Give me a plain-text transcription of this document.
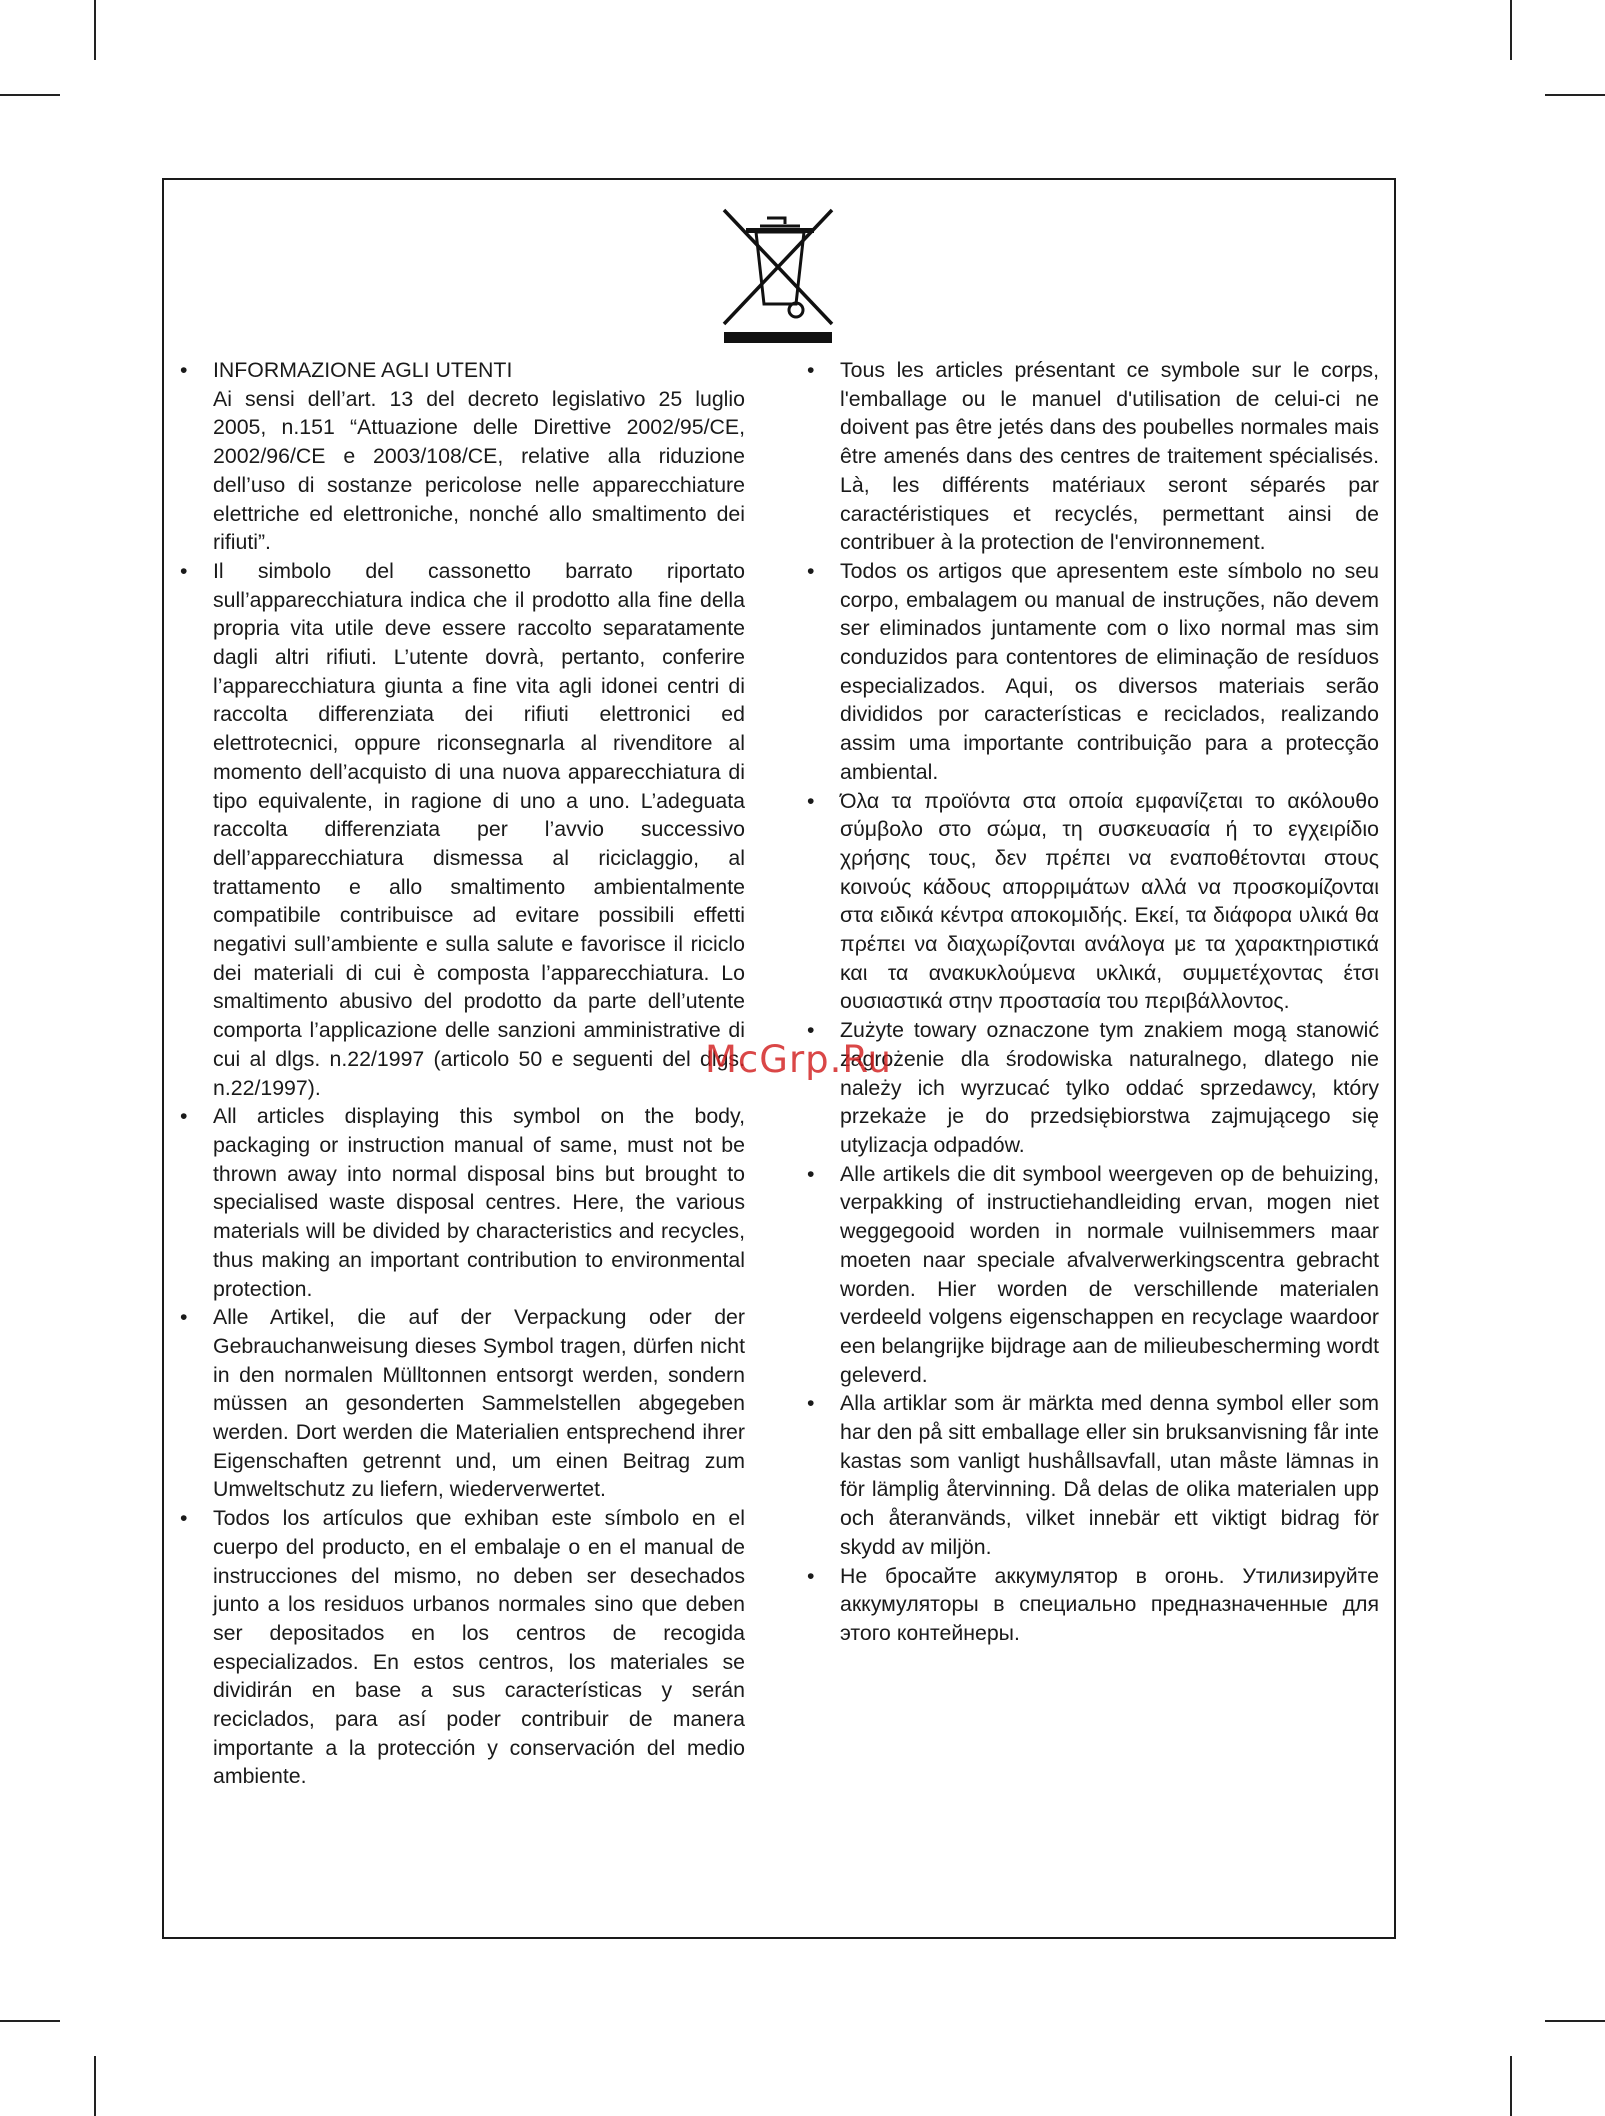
• INFORMAZIONE AGLI UTENTI

Ai sensi dell’art. 13 del decreto legislativo 25 luglio 2005, n.151 “Attuazione delle Direttive 2002/95/CE, 2002/96/CE e 2003/108/CE, relative alla riduzione dell’uso di sostanze pericolose nelle apparecchiature elettriche ed elettroniche, nonché allo smaltimento dei rifiuti”.

• Il simbolo del cassonetto barrato riportato sull’apparecchiatura indica che il prodotto alla fine della propria vita utile deve essere raccolto separatamente dagli altri rifiuti. L’utente dovrà, pertanto, conferire l’apparecchiatura giunta a fine vita agli idonei centri di raccolta differenziata dei rifiuti elettronici ed elettrotecnici, oppure riconsegnarla al rivenditore al momento dell’acquisto di una nuova apparecchiatura di tipo equivalente, in ragione di uno a uno. L’adeguata raccolta differenziata per l’avvio successivo dell’apparecchiatura dismessa al riciclaggio, al trattamento e allo smaltimento ambientalmente compatibile contribuisce ad evitare possibili effetti negativi sull’ambiente e sulla salute e favorisce il riciclo dei materiali di cui è composta l’apparecchiatura. Lo smaltimento abusivo del prodotto da parte dell’utente comporta l’applicazione delle sanzioni amministrative di cui al dlgs. n.22/1997 (articolo 50 e seguenti del dlgs. n.22/1997).

• All articles displaying this symbol on the body, packaging or instruction manual of same, must not be thrown away into normal disposal bins but brought to specialised waste disposal centres. Here, the various materials will be divided by characteristics and recycles, thus making an important contribution to environmental protection.

• Alle Artikel, die auf der Verpackung oder der Gebrauchanweisung dieses Symbol tragen, dürfen nicht in den normalen Mülltonnen entsorgt werden, sondern müssen an gesonderten Sammelstellen abgegeben werden. Dort werden die Materialien entsprechend ihrer Eigenschaften getrennt und, um einen Beitrag zum Umweltschutz zu liefern, wiederverwertet.

• Todos los artículos que exhiban este símbolo en el cuerpo del producto, en el embalaje o en el manual de instrucciones del mismo, no deben ser desechados junto a los residuos urbanos normales sino que deben ser depositados en los centros de recogida especializados. En estos centros, los materiales se dividirán en base a sus características y serán reciclados, para así poder contribuir de manera importante a la protección y conservación del medio ambiente.

• Tous les articles présentant ce symbole sur le corps, l'emballage ou le manuel d'utilisation de celui-ci ne doivent pas être jetés dans des poubelles normales mais être amenés dans des centres de traitement spécialisés. Là, les différents matériaux seront séparés par caractéristiques et recyclés, permettant ainsi de contribuer à la protection de l'environnement.

• Todos os artigos que apresentem este símbolo no seu corpo, embalagem ou manual de instruções, não devem ser eliminados juntamente com o lixo normal mas sim conduzidos para contentores de eliminação de resíduos especializados. Aqui, os diversos materiais serão divididos por características e reciclados, realizando assim uma importante contribuição para a protecção ambiental.

• Όλα τα προϊόντα στα οποία εμφανίζεται το ακόλουθο σύμβολο στο σώμα, τη συσκευασία ή το εγχειρίδιο χρήσης τους, δεν πρέπει να εναποθέτονται στους κοινούς κάδους απορριμάτων αλλά να προσκομίζονται στα ειδικά κέντρα αποκομιδής. Εκεί, τα διάφορα υλικά θα πρέπει να διαχωρίζονται ανάλογα με τα χαρακτηριστικά και τα ανακυκλούμενα υκλικά, συμμετέχοντας έτσι ουσιαστικά στην προστασία του περιβάλλοντος.

• Zużyte towary oznaczone tym znakiem mogą stanowić zagrożenie dla środowiska naturalnego, dlatego nie należy ich wyrzucać tylko oddać sprzedawcy, który przekaże je do przedsiębiorstwa zajmującego się utylizacja odpadów.

• Alle artikels die dit symbool weergeven op de behuizing, verpakking of instructiehandleiding ervan, mogen niet weggegooid worden in normale vuilnisemmers maar moeten naar speciale afvalverwerkingscentra gebracht worden. Hier worden de verschillende materialen verdeeld volgens eigenschappen en recyclage waardoor een belangrijke bijdrage aan de milieubescherming wordt geleverd.

• Alla artiklar som är märkta med denna symbol eller som har den på sitt emballage eller sin bruksanvisning får inte kastas som vanligt hushållsavfall, utan måste lämnas in för lämplig återvinning. Då delas de olika materialen upp och återanvänds, vilket innebär ett viktigt bidrag för skydd av miljön.

• Не бросайте аккумулятор в огонь. Утилизируйте аккумуляторы в специально предназначенные для этого контейнеры.

McGrp.Ru
